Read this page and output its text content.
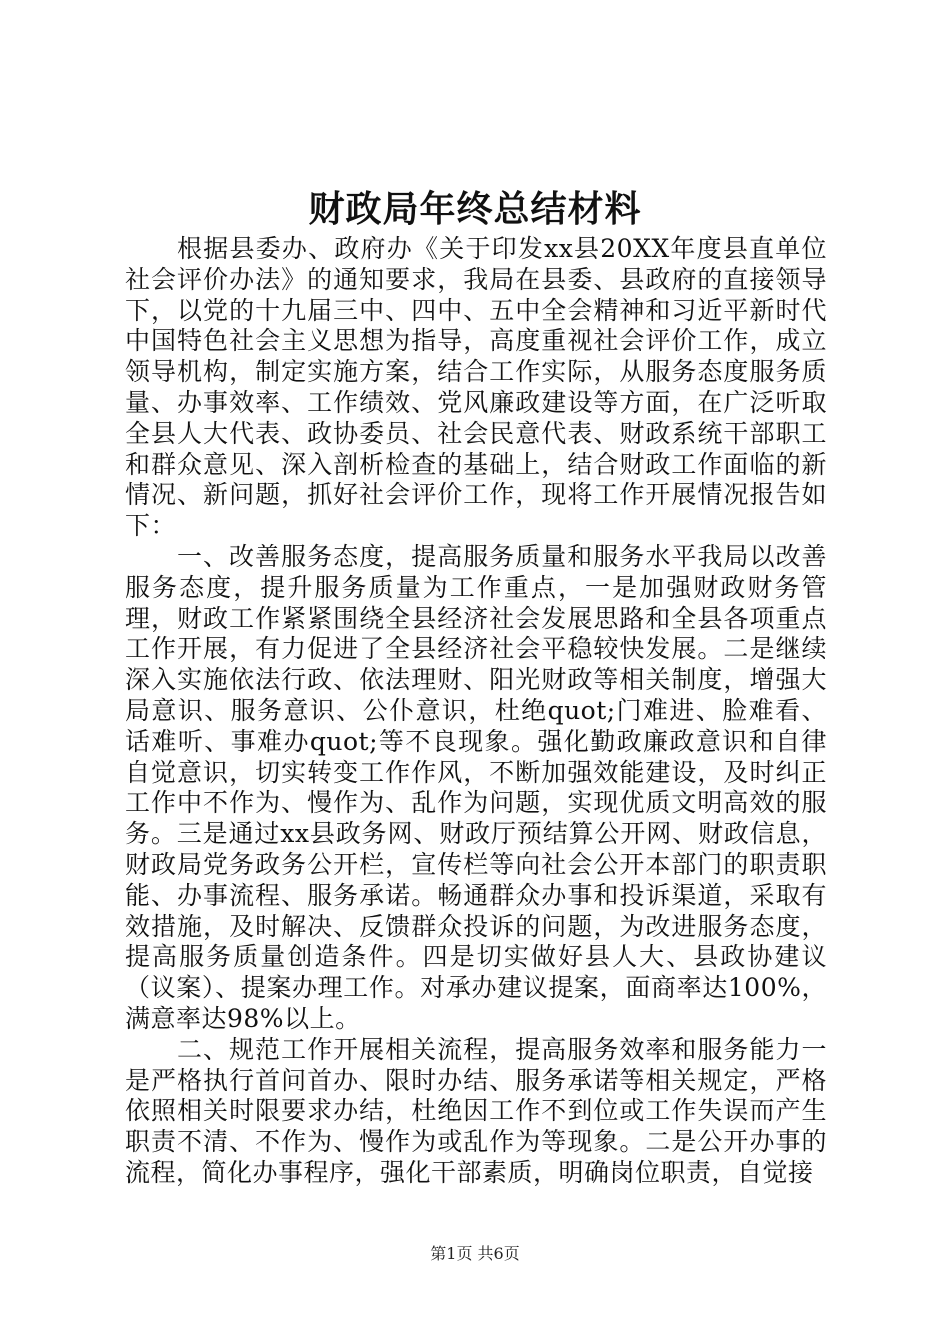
财政局年终总结材料

根据县委办、政府办《关于印发xx县20XX年度县直单位社会评价办法》的通知要求，我局在县委、县政府的直接领导下，以党的十九届三中、四中、五中全会精神和习近平新时代中国特色社会主义思想为指导，高度重视社会评价工作，成立领导机构，制定实施方案，结合工作实际，从服务态度服务质量、办事效率、工作绩效、党风廉政建设等方面，在广泛听取全县人大代表、政协委员、社会民意代表、财政系统干部职工和群众意见、深入剖析检查的基础上，结合财政工作面临的新情况、新问题，抓好社会评价工作，现将工作开展情况报告如下：

一、改善服务态度，提高服务质量和服务水平我局以改善服务态度，提升服务质量为工作重点，一是加强财政财务管理，财政工作紧紧围绕全县经济社会发展思路和全县各项重点工作开展，有力促进了全县经济社会平稳较快发展。二是继续深入实施依法行政、依法理财、阳光财政等相关制度，增强大局意识、服务意识、公仆意识，杜绝quot;门难进、脸难看、话难听、事难办quot;等不良现象。强化勤政廉政意识和自律自觉意识，切实转变工作作风，不断加强效能建设，及时纠正工作中不作为、慢作为、乱作为问题，实现优质文明高效的服务。三是通过xx县政务网、财政厅预结算公开网、财政信息，财政局党务政务公开栏，宣传栏等向社会公开本部门的职责职能、办事流程、服务承诺。畅通群众办事和投诉渠道，采取有效措施，及时解决、反馈群众投诉的问题，为改进服务态度，提高服务质量创造条件。四是切实做好县人大、县政协建议（议案）、提案办理工作。对承办建议提案，面商率达100%，满意率达98%以上。

二、规范工作开展相关流程，提高服务效率和服务能力一是严格执行首问首办、限时办结、服务承诺等相关规定，严格依照相关时限要求办结，杜绝因工作不到位或工作失误而产生职责不清、不作为、慢作为或乱作为等现象。二是公开办事的流程，简化办事程序，强化干部素质，明确岗位职责，自觉接

第1页 共6页
